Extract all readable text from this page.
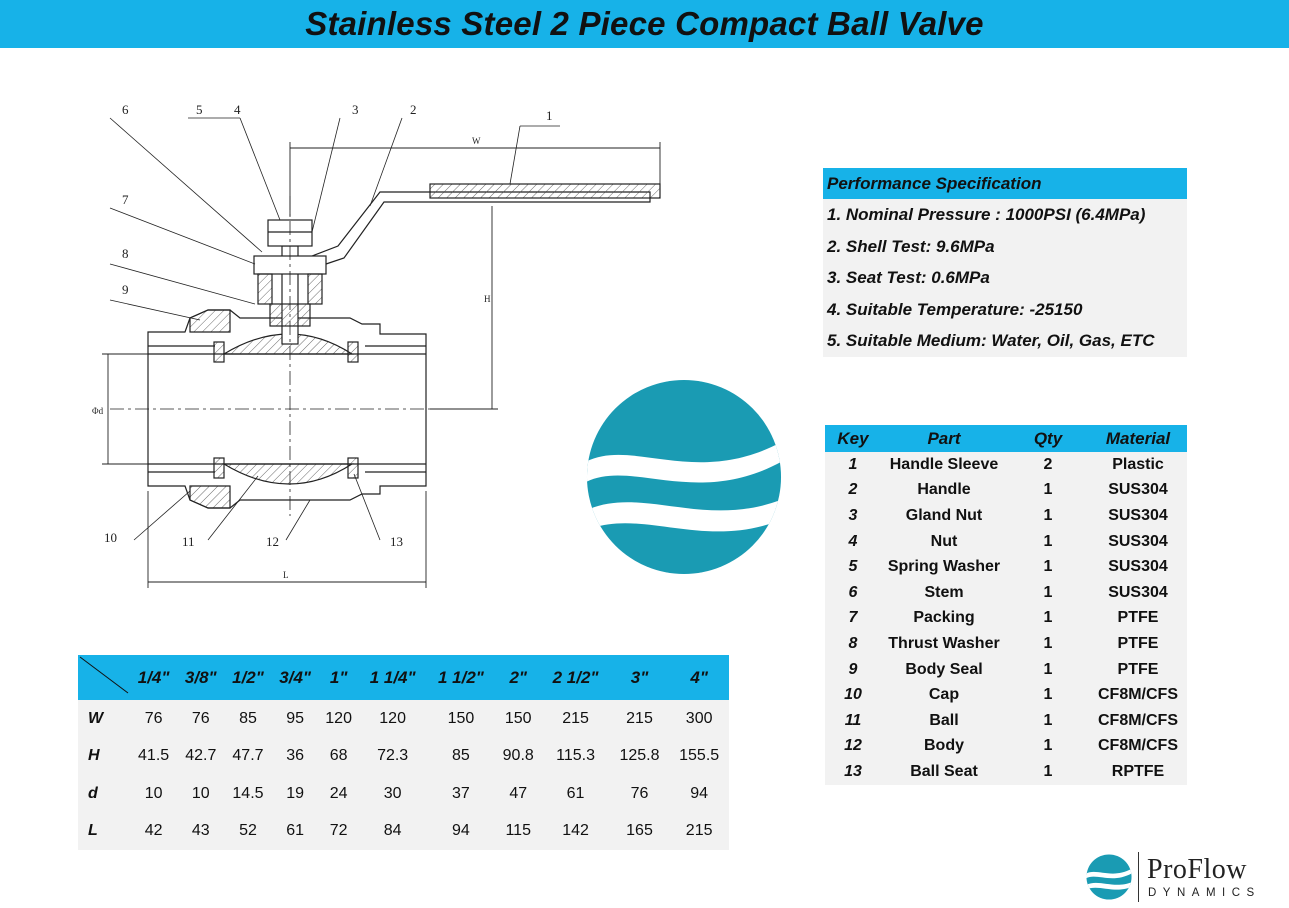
Stainless Steel 2 Piece Compact Ball Valve
1
2
3
4
5
6
7
8
9
10	11	12	13
W
H
Φd
L
Performance Specification
1. Nominal Pressure : 1000PSI (6.4MPa)
2. Shell Test: 9.6MPa
3. Seat Test: 0.6MPa
4. Suitable Temperature: -25150
5. Suitable Medium: Water, Oil, Gas, ETC
Key	Part	Qty	Material
1	Handle Sleeve	2	Plastic
2	Handle	1	SUS304
3	Gland Nut	1	SUS304
4	Nut	1	SUS304
5	Spring Washer	1	SUS304
6	Stem	1	SUS304
7	Packing	1	PTFE
8	Thrust Washer	1	PTFE
9	Body Seal	1	PTFE
10	Cap	1	CF8M/CFS
11	Ball	1	CF8M/CFS
12	Body	1	CF8M/CFS
13	Ball Seat	1	RPTFE
	1/4"	3/8"	1/2"	3/4"	1"	1 1/4"	1 1/2"	2"	2 1/2"	3"	4"
W	76	76	85	95	120	120	150	150	215	215	300
H	41.5	42.7	47.7	36	68	72.3	85	90.8	115.3	125.8	155.5
d	10	10	14.5	19	24	30	37	47	61	76	94
L	42	43	52	61	72	84	94	115	142	165	215
ProFlow
DYNAMICS
